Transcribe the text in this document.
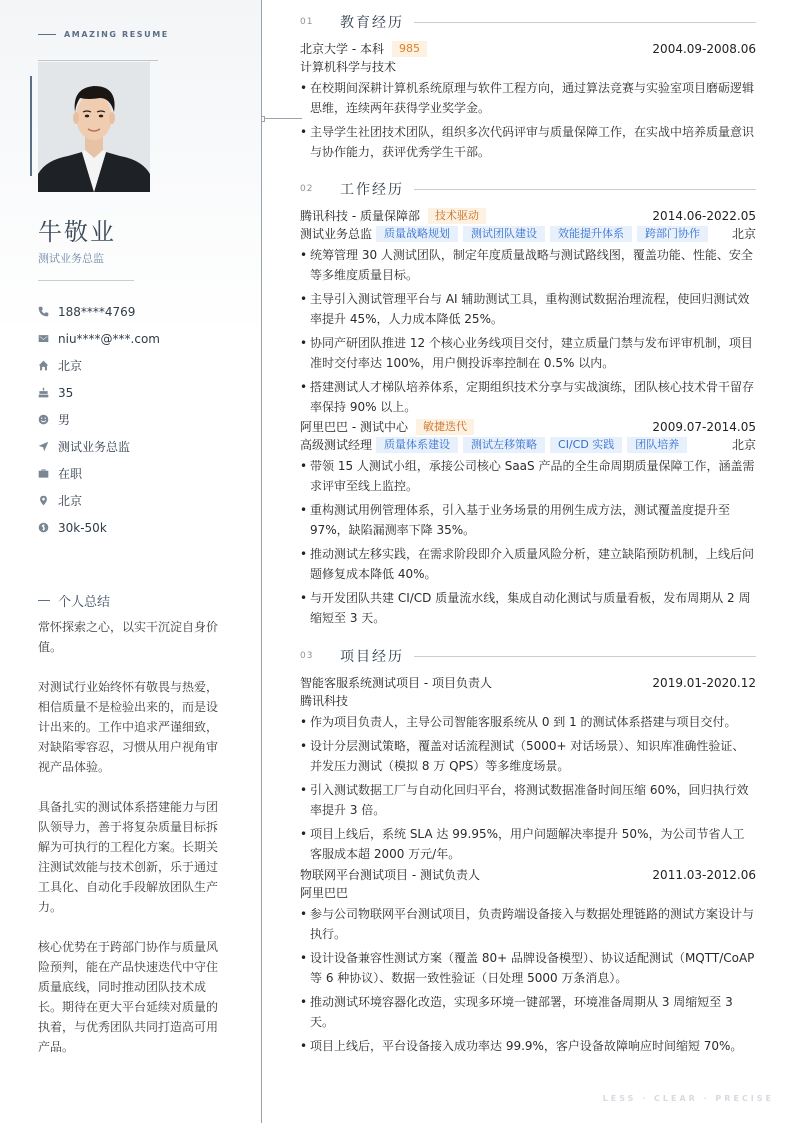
AMAZING RESUME
牛敬业
测试业务总监
188****4769
niu****@***.com
北京
35
男
测试业务总监
在职
北京
30k-50k
个人总结

常怀探索之心，以实干沉淀自身价值。

对测试行业始终怀有敬畏与热爱，相信质量不是检验出来的，而是设计出来的。工作中追求严谨细致，对缺陷零容忍，习惯从用户视角审视产品体验。

具备扎实的测试体系搭建能力与团队领导力，善于将复杂质量目标拆解为可执行的工程化方案。长期关注测试效能与技术创新，乐于通过工具化、自动化手段解放团队生产力。

核心优势在于跨部门协作与质量风险预判，能在产品快速迭代中守住质量底线，同时推动团队技术成长。期待在更大平台延续对质量的执着，与优秀团队共同打造高可用产品。

01	教育经历
北京大学 - 本科	985	2004.09-2008.06
计算机科学与技术
• 在校期间深耕计算机系统原理与软件工程方向，通过算法竞赛与实验室项目磨砺逻辑思维，连续两年获得学业奖学金。
• 主导学生社团技术团队，组织多次代码评审与质量保障工作，在实战中培养质量意识与协作能力，获评优秀学生干部。
02	工作经历
腾讯科技 - 质量保障部	技术驱动	2014.06-2022.05
测试业务总监	质量战略规划	测试团队建设	效能提升体系	跨部门协作	北京
• 统筹管理 30 人测试团队，制定年度质量战略与测试路线图，覆盖功能、性能、安全等多维度质量目标。
• 主导引入测试管理平台与 AI 辅助测试工具，重构测试数据治理流程，使回归测试效率提升 45%，人力成本降低 25%。
• 协同产研团队推进 12 个核心业务线项目交付，建立质量门禁与发布评审机制，项目准时交付率达 100%，用户侧投诉率控制在 0.5% 以内。
• 搭建测试人才梯队培养体系，定期组织技术分享与实战演练，团队核心技术骨干留存率保持 90% 以上。
阿里巴巴 - 测试中心	敏捷迭代	2009.07-2014.05
高级测试经理	质量体系建设	测试左移策略	CI/CD 实践	团队培养	北京
• 带领 15 人测试小组，承接公司核心 SaaS 产品的全生命周期质量保障工作，涵盖需求评审至线上监控。
• 重构测试用例管理体系，引入基于业务场景的用例生成方法，测试覆盖度提升至 97%，缺陷漏测率下降 35%。
• 推动测试左移实践，在需求阶段即介入质量风险分析，建立缺陷预防机制，上线后问题修复成本降低 40%。
• 与开发团队共建 CI/CD 质量流水线，集成自动化测试与质量看板，发布周期从 2 周缩短至 3 天。
03	项目经历
智能客服系统测试项目 - 项目负责人	2019.01-2020.12
腾讯科技
• 作为项目负责人，主导公司智能客服系统从 0 到 1 的测试体系搭建与项目交付。
• 设计分层测试策略，覆盖对话流程测试（5000+ 对话场景）、知识库准确性验证、并发压力测试（模拟 8 万 QPS）等多维度场景。
• 引入测试数据工厂与自动化回归平台，将测试数据准备时间压缩 60%，回归执行效率提升 3 倍。
• 项目上线后，系统 SLA 达 99.95%，用户问题解决率提升 50%，为公司节省人工客服成本超 2000 万元/年。
物联网平台测试项目 - 测试负责人	2011.03-2012.06
阿里巴巴
• 参与公司物联网平台测试项目，负责跨端设备接入与数据处理链路的测试方案设计与执行。
• 设计设备兼容性测试方案（覆盖 80+ 品牌设备模型）、协议适配测试（MQTT/CoAP 等 6 种协议）、数据一致性验证（日处理 5000 万条消息）。
• 推动测试环境容器化改造，实现多环境一键部署，环境准备周期从 3 周缩短至 3 天。
• 项目上线后，平台设备接入成功率达 99.9%，客户设备故障响应时间缩短 70%。
LESS · CLEAR · PRECISE
